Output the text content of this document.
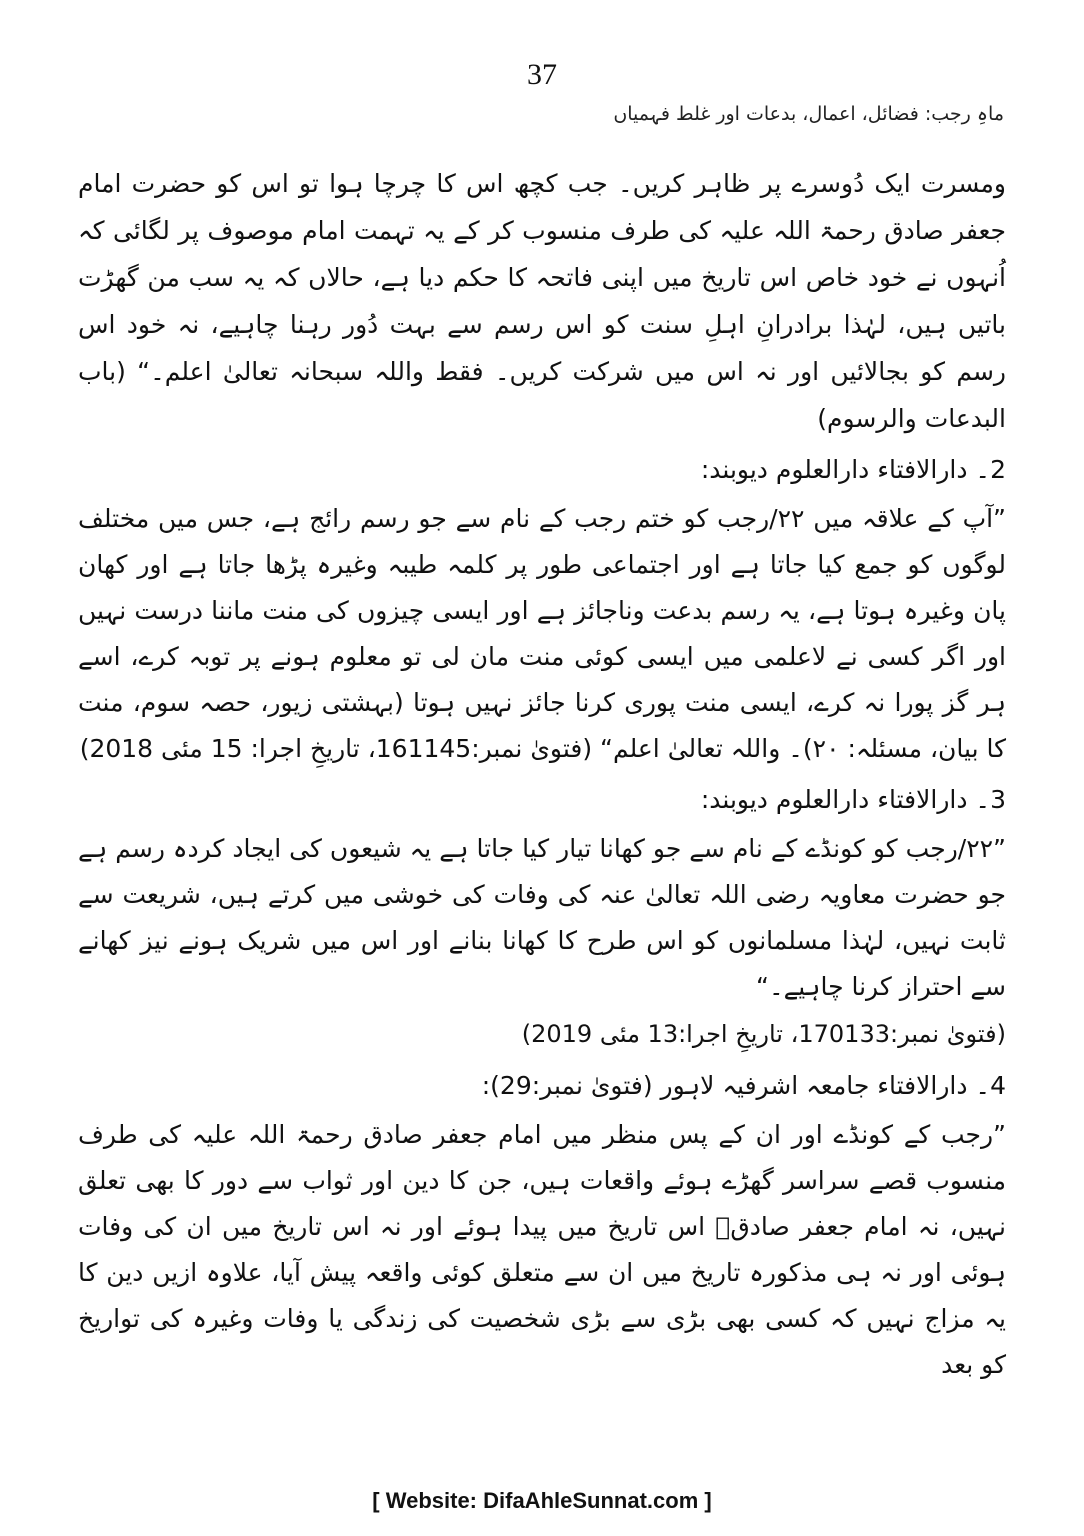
37
ماہِ رجب: فضائل، اعمال، بدعات اور غلط فہمیاں

ومسرت ایک دُوسرے پر ظاہر کریں۔ جب کچھ اس کا چرچا ہوا تو اس کو حضرت امام جعفر صادق رحمۃ اللہ علیہ کی طرف منسوب کر کے یہ تہمت امام موصوف پر لگائی کہ اُنہوں نے خود خاص اس تاریخ میں اپنی فاتحہ کا حکم دیا ہے، حالاں کہ یہ سب من گھڑت باتیں ہیں، لہٰذا برادرانِ اہلِ سنت کو اس رسم سے بہت دُور رہنا چاہیے، نہ خود اس رسم کو بجالائیں اور نہ اس میں شرکت کریں۔ فقط واللہ سبحانہ تعالیٰ اعلم۔“ (باب البدعات والرسوم)

2۔ دارالافتاء دارالعلوم دیوبند:

”آپ کے علاقہ میں ۲۲/رجب کو ختم رجب کے نام سے جو رسم رائج ہے، جس میں مختلف لوگوں کو جمع کیا جاتا ہے اور اجتماعی طور پر کلمہ طیبہ وغیرہ پڑھا جاتا ہے اور کھان پان وغیرہ ہوتا ہے، یہ رسم بدعت وناجائز ہے اور ایسی چیزوں کی منت ماننا درست نہیں اور اگر کسی نے لاعلمی میں ایسی کوئی منت مان لی تو معلوم ہونے پر توبہ کرے، اسے ہر گز پورا نہ کرے، ایسی منت پوری کرنا جائز نہیں ہوتا (بہشتی زیور، حصہ سوم، منت کا بیان، مسئلہ: ۲۰)۔ واللہ تعالیٰ اعلم“ (فتویٰ نمبر:161145، تاریخِ اجرا: 15 مئی 2018)

3۔ دارالافتاء دارالعلوم دیوبند:

”۲۲/رجب کو کونڈے کے نام سے جو کھانا تیار کیا جاتا ہے یہ شیعوں کی ایجاد کردہ رسم ہے جو حضرت معاویہ رضی اللہ تعالیٰ عنہ کی وفات کی خوشی میں کرتے ہیں، شریعت سے ثابت نہیں، لہٰذا مسلمانوں کو اس طرح کا کھانا بنانے اور اس میں شریک ہونے نیز کھانے سے احتراز کرنا چاہیے۔“

(فتویٰ نمبر:170133، تاریخِ اجرا:13 مئی 2019)
4۔ دارالافتاء جامعہ اشرفیہ لاہور (فتویٰ نمبر:29):

”رجب کے کونڈے اور ان کے پس منظر میں امام جعفر صادق رحمۃ اللہ علیہ کی طرف منسوب قصے سراسر گھڑے ہوئے واقعات ہیں، جن کا دین اور ثواب سے دور کا بھی تعلق نہیں، نہ امام جعفر صادقؒ اس تاریخ میں پیدا ہوئے اور نہ اس تاریخ میں ان کی وفات ہوئی اور نہ ہی مذکورہ تاریخ میں ان سے متعلق کوئی واقعہ پیش آیا، علاوہ ازیں دین کا یہ مزاج نہیں کہ کسی بھی بڑی سے بڑی شخصیت کی زندگی یا وفات وغیرہ کی تواریخ کو بعد

[ Website: DifaAhleSunnat.com ]
